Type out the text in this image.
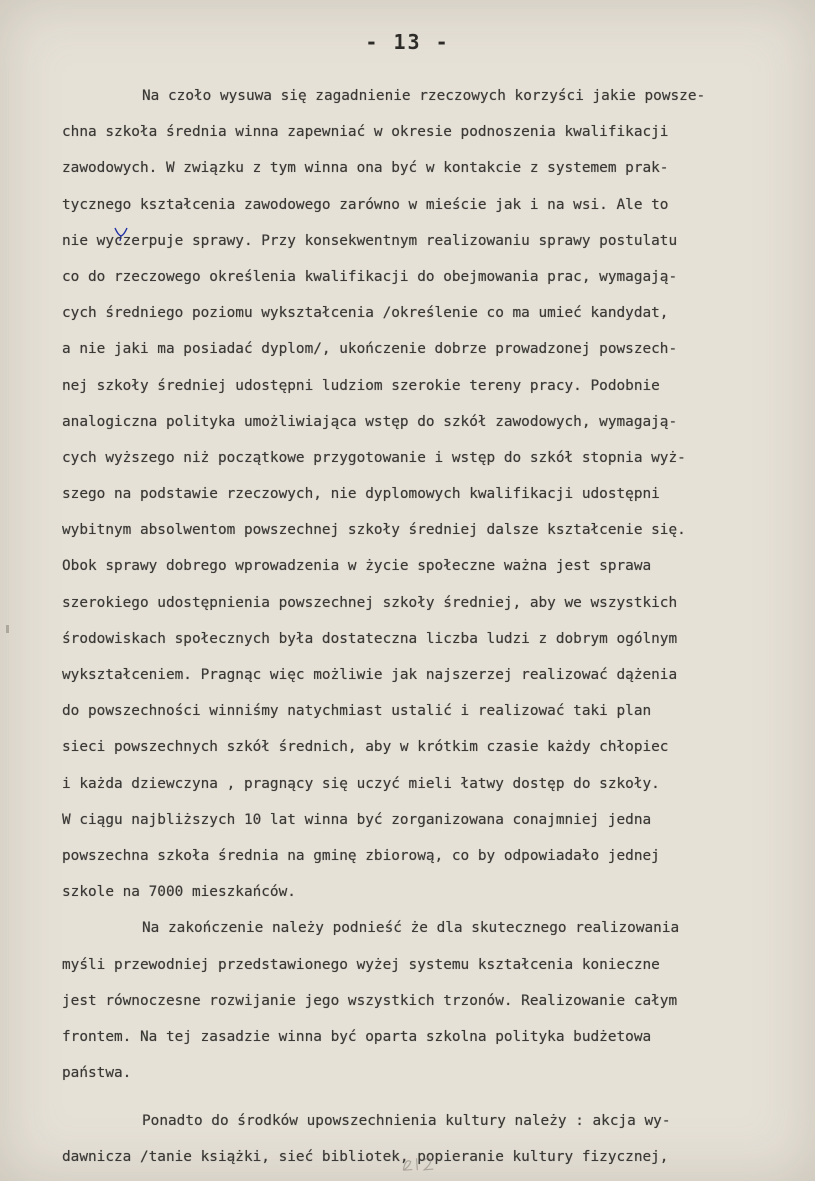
- 13 -
Na czoło wysuwa się zagadnienie rzeczowych korzyści jakie powsze-
chna szkoła średnia winna zapewniać w okresie podnoszenia kwalifikacji
zawodowych. W związku z tym winna ona być w kontakcie z systemem prak-
tycznego kształcenia zawodowego zarówno w mieście jak i na wsi. Ale to
nie wyczerpuje sprawy. Przy konsekwentnym realizowaniu sprawy postulatu
co do rzeczowego określenia kwalifikacji do obejmowania prac, wymagają-
cych średniego poziomu wykształcenia /określenie co ma umieć kandydat,
a nie jaki ma posiadać dyplom/, ukończenie dobrze prowadzonej powszech-
nej szkoły średniej udostępni ludziom szerokie tereny pracy. Podobnie
analogiczna polityka umożliwiająca wstęp do szkół zawodowych, wymagają-
cych wyższego niż początkowe przygotowanie i wstęp do szkół stopnia wyż-
szego na podstawie rzeczowych, nie dyplomowych kwalifikacji udostępni
wybitnym absolwentom powszechnej szkoły średniej dalsze kształcenie się.
Obok sprawy dobrego wprowadzenia w życie społeczne ważna jest sprawa
szerokiego udostępnienia powszechnej szkoły średniej, aby we wszystkich
środowiskach społecznych była dostateczna liczba ludzi z dobrym ogólnym
wykształceniem. Pragnąc więc możliwie jak najszerzej realizować dążenia
do powszechności winniśmy natychmiast ustalić i realizować taki plan
sieci powszechnych szkół średnich, aby w krótkim czasie każdy chłopiec
i każda dziewczyna , pragnący się uczyć mieli łatwy dostęp do szkoły.
W ciągu najbliższych 10 lat winna być zorganizowana conajmniej jedna
powszechna szkoła średnia na gminę zbiorową, co by odpowiadało jednej
szkole na 7000 mieszkańców.
Na zakończenie należy podnieść że dla skutecznego realizowania
myśli przewodniej przedstawionego wyżej systemu kształcenia konieczne
jest równoczesne rozwijanie jego wszystkich trzonów. Realizowanie całym
frontem. Na tej zasadzie winna być oparta szkolna polityka budżetowa
państwa.
Ponadto do środków upowszechnienia kultury należy : akcja wy-
dawnicza /tanie książki, sieć bibliotek, popieranie kultury fizycznej,
